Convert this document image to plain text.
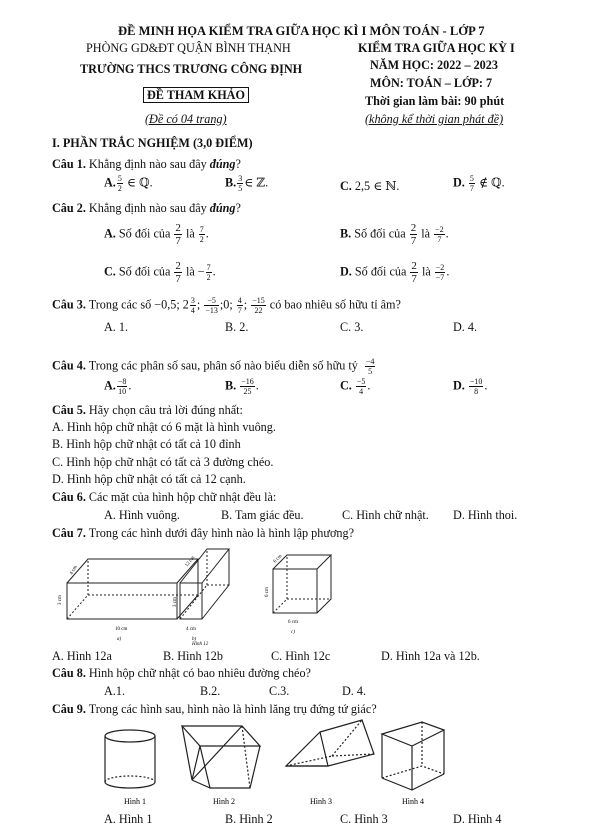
ĐỀ MINH HỌA KIỂM TRA GIỮA HỌC KÌ I MÔN TOÁN - LỚP 7
PHÒNG GD&ĐT QUẬN BÌNH THẠNH
TRƯỜNG THCS TRƯƠNG CÔNG ĐỊNH
ĐỀ THAM KHẢO
(Đề có 04 trang)
KIỂM TRA GIỮA HỌC KỲ I
NĂM HỌC: 2022 – 2023
MÔN: TOÁN – LỚP: 7
Thời gian làm bài: 90 phút
(không kể thời gian phát đề)
I. PHẦN TRẮC NGHIỆM (3,0 ĐIỂM)
Câu 1. Khẳng định nào sau đây đúng?
A. $\frac{5}{2}$ ∈ ℚ.	B. $\frac{3}{5}$ ∈ ℤ.	C. 2,5 ∈ ℕ.	D. $\frac{5}{7}$ ∉ ℚ.
Câu 2. Khẳng định nào sau đây đúng?
A. Số đối của $\frac{2}{7}$ là $\frac{7}{2}$ .	B. Số đối của $\frac{2}{7}$ là $\frac{-2}{7}$ .
C. Số đối của $\frac{2}{7}$ là − $\frac{7}{2}$ .	D. Số đối của $\frac{2}{7}$ là $\frac{-2}{-7}$ .
Câu 3. Trong các số −0,5; $2 \frac{3}{4}$ ; $\frac{-5}{-13}$ ;0; $\frac{4}{7}$ ; $\frac{-15}{22}$ có bao nhiêu số hữu tỉ âm?
A. 1.	B. 2.	C. 3.	D. 4.
Câu 4. Trong các phân số sau, phân số nào biểu diễn số hữu tỷ $\frac{-4}{5}$
A. $\frac{-8}{10}$ .	B. $\frac{-16}{25}$ .	C. $\frac{-5}{4}$ .	D. $\frac{-10}{8}$ .
Câu 5. Hãy chọn câu trả lời đúng nhất:
A. Hình hộp chữ nhật có 6 mặt là hình vuông.
B. Hình hộp chữ nhật có tất cả 10 đỉnh
C. Hình hộp chữ nhật có tất cả 3 đường chéo.
D. Hình hộp chữ nhật có tất cả 12 cạnh.
Câu 6. Các mặt của hình hộp chữ nhật đều là:
A. Hình vuông.	B. Tam giác đều.	C. Hình chữ nhật. D. Hình thoi.
Câu 7. Trong các hình dưới đây hình nào là hình lập phương?
10 cm
3 cm
4 cm
a)
4 cm
3 cm
12 cm
b)
6 cm
6 cm
6 cm
c)
Hình 12
A. Hình 12a	B. Hình 12b	C. Hình 12c	D. Hình 12a và 12b.
Câu 8. Hình hộp chữ nhật có bao nhiêu đường chéo?
A.1.	B.2.	C.3.	D. 4.
Câu 9. Trong các hình sau, hình nào là hình lăng trụ đứng tứ giác?
Hình 1	Hình 2	Hình 3	Hình 4
A. Hình 1	B. Hình 2	C. Hình 3	D. Hình 4
